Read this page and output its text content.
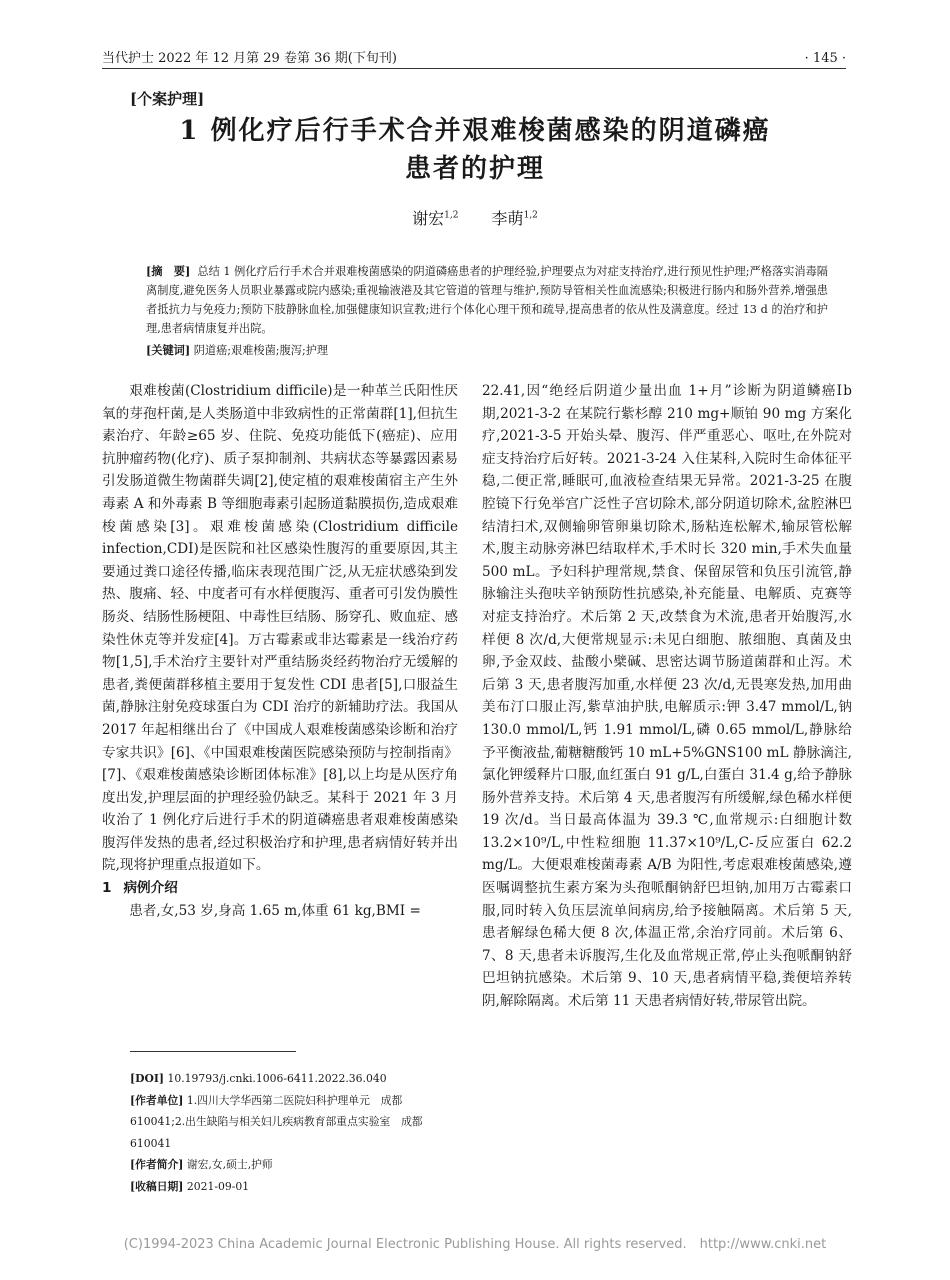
当代护士 2022 年 12 月第 29 卷第 36 期(下旬刊)	· 145 ·
[个案护理]
1 例化疗后行手术合并艰难梭菌感染的阴道磷癌
患者的护理
谢宏$^{1,2}$ 李萌$^{1,2}$
[摘　要] 总结 1 例化疗后行手术合并艰难梭菌感染的阴道磷癌患者的护理经验,护理要点为对症支持治疗,进行预见性护理;严格落实消毒隔离制度,避免医务人员职业暴露或院内感染;重视输液港及其它管道的管理与维护,预防导管相关性血流感染;积极进行肠内和肠外营养,增强患者抵抗力与免疫力;预防下肢静脉血栓,加强健康知识宣教;进行个体化心理干预和疏导,提高患者的依从性及满意度。经过 13 d 的治疗和护理,患者病情康复并出院。
[关键词] 阴道癌;艰难梭菌;腹泻;护理

艰难梭菌(Clostridium difficile)是一种革兰氏阳性厌氧的芽孢杆菌,是人类肠道中非致病性的正常菌群[1],但抗生素治疗、年龄≥65 岁、住院、免疫功能低下(癌症)、应用抗肿瘤药物(化疗)、质子泵抑制剂、共病状态等暴露因素易引发肠道微生物菌群失调[2],使定植的艰难梭菌宿主产生外毒素 A 和外毒素 B 等细胞毒素引起肠道黏膜损伤,造成艰难梭菌感染[3]。艰难梭菌感染(Clostridium difficile infection,CDI)是医院和社区感染性腹泻的重要原因,其主要通过粪口途径传播,临床表现范围广泛,从无症状感染到发热、腹痛、轻、中度者可有水样便腹泻、重者可引发伪膜性肠炎、结肠性肠梗阻、中毒性巨结肠、肠穿孔、败血症、感染性休克等并发症[4]。万古霉素或非达霉素是一线治疗药物[1,5],手术治疗主要针对严重结肠炎经药物治疗无缓解的患者,粪便菌群移植主要用于复发性 CDI 患者[5],口服益生菌,静脉注射免疫球蛋白为 CDI 治疗的新辅助疗法。我国从 2017 年起相继出台了《中国成人艰难梭菌感染诊断和治疗专家共识》[6]、《中国艰难梭菌医院感染预防与控制指南》[7]、《艰难梭菌感染诊断团体标准》[8],以上均是从医疗角度出发,护理层面的护理经验仍缺乏。某科于 2021 年 3 月收治了 1 例化疗后进行手术的阴道磷癌患者艰难梭菌感染腹泻伴发热的患者,经过积极治疗和护理,患者病情好转并出院,现将护理重点报道如下。

1 病例介绍

患者,女,53 岁,身高 1.65 m,体重 61 kg,BMI =

22.41,因“绝经后阴道少量出血 1+月”诊断为阴道鳞癌Ⅰb 期,2021-3-2 在某院行紫杉醇 210 mg+顺铂 90 mg 方案化疗,2021-3-5 开始头晕、腹泻、伴严重恶心、呕吐,在外院对症支持治疗后好转。2021-3-24 入住某科,入院时生命体征平稳,二便正常,睡眠可,血液检查结果无异常。2021-3-25 在腹腔镜下行免举宫广泛性子宫切除术,部分阴道切除术,盆腔淋巴结清扫术,双侧输卵管卵巢切除术,肠粘连松解术,输尿管松解术,腹主动脉旁淋巴结取样术,手术时长 320 min,手术失血量 500 mL。予妇科护理常规,禁食、保留尿管和负压引流管,静脉输注头孢呋辛钠预防性抗感染,补充能量、电解质、克赛等对症支持治疗。术后第 2 天,改禁食为术流,患者开始腹泻,水样便 8 次/d,大便常规显示:未见白细胞、脓细胞、真菌及虫卵,予金双歧、盐酸小檗碱、思密达调节肠道菌群和止泻。术后第 3 天,患者腹泻加重,水样便 23 次/d,无畏寒发热,加用曲美布汀口服止泻,紫草油护肤,电解质示:钾 3.47 mmol/L,钠 130.0 mmol/L,钙 1.91 mmol/L,磷 0.65 mmol/L,静脉给予平衡液盐,葡糖糖酸钙 10 mL+5%GNS100 mL 静脉滴注,氯化钾缓释片口服,血红蛋白 91 g/L,白蛋白 31.4 g,给予静脉肠外营养支持。术后第 4 天,患者腹泻有所缓解,绿色稀水样便 19 次/d。当日最高体温为 39.3 ℃,血常规示:白细胞计数 13.2×10⁹/L,中性粒细胞 11.37×10⁹/L,C-反应蛋白 62.2 mg/L。大便艰难梭菌毒素 A/B 为阳性,考虑艰难梭菌感染,遵医嘱调整抗生素方案为头孢哌酮钠舒巴坦钠,加用万古霉素口服,同时转入负压层流单间病房,给予接触隔离。术后第 5 天,患者解绿色稀大便 8 次,体温正常,余治疗同前。术后第 6、7、8 天,患者未诉腹泻,生化及血常规正常,停止头孢哌酮钠舒巴坦钠抗感染。术后第 9、10 天,患者病情平稳,粪便培养转阴,解除隔离。术后第 11 天患者病情好转,带尿管出院。

[DOI] 10.19793/j.cnki.1006-6411.2022.36.040
[作者单位] 1.四川大学华西第二医院妇科护理单元　成都 610041;2.出生缺陷与相关妇儿疾病教育部重点实验室　成都 610041
[作者简介] 谢宏,女,硕士,护师
[收稿日期] 2021-09-01
(C)1994-2023 China Academic Journal Electronic Publishing House. All rights reserved.　http://www.cnki.net
